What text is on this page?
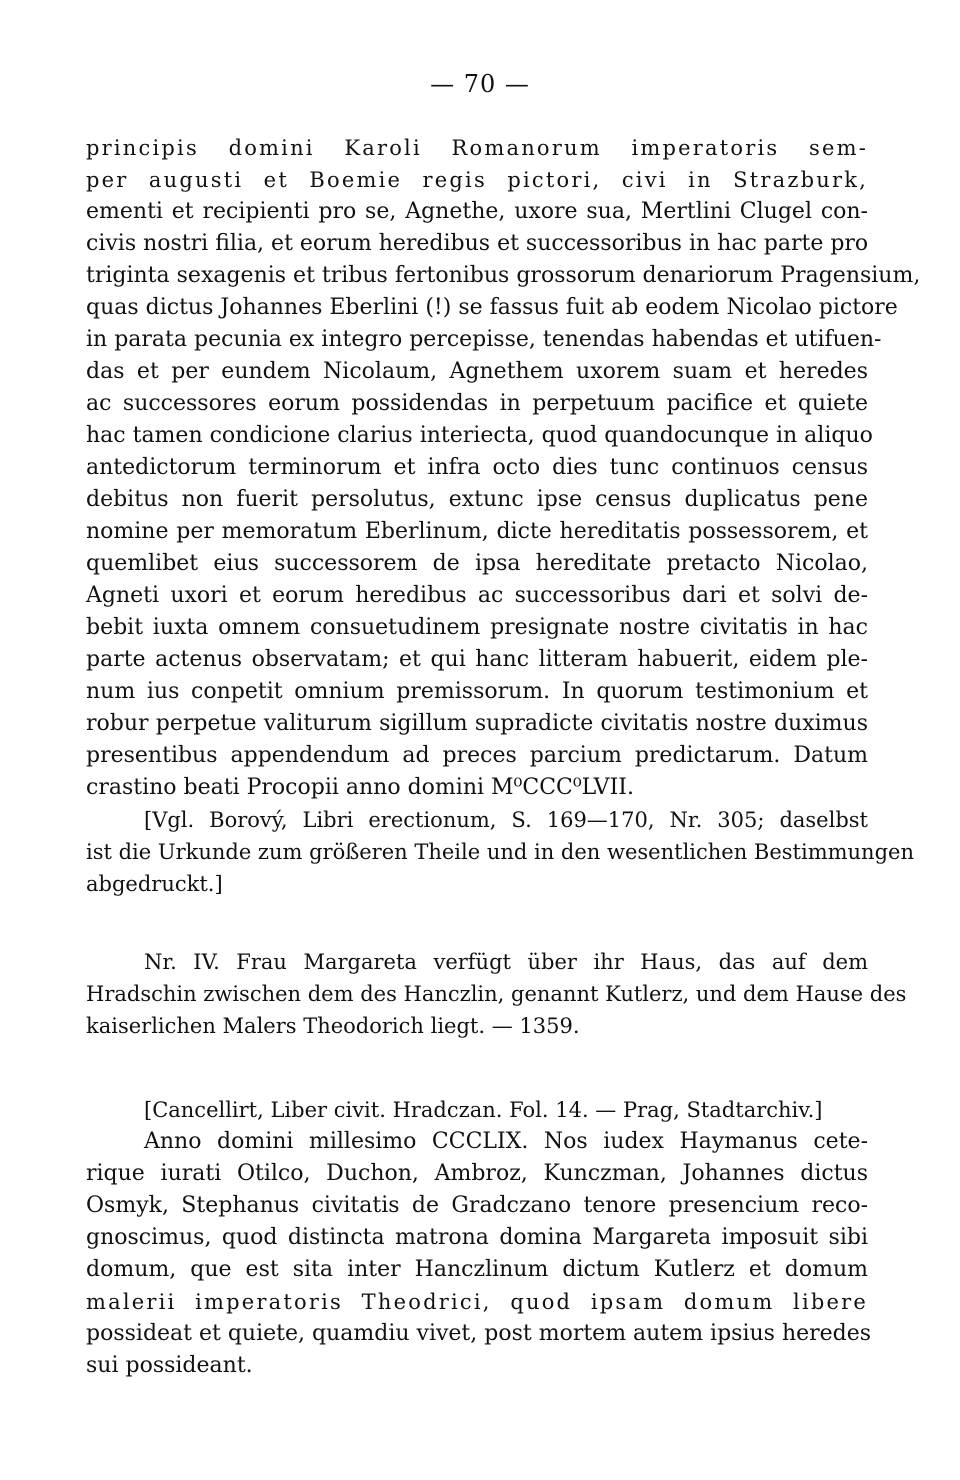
— 70 —
principis domini Karoli Romanorum imperatoris sem-
per augusti et Boemie regis pictori, civi in Strazburk,
ementi et recipienti pro se, Agnethe, uxore sua, Mertlini Clugel con-
civis nostri filia, et eorum heredibus et successoribus in hac parte pro
triginta sexagenis et tribus fertonibus grossorum denariorum Pragensium,
quas dictus Johannes Eberlini (!) se fassus fuit ab eodem Nicolao pictore
in parata pecunia ex integro percepisse, tenendas habendas et utifuen-
das et per eundem Nicolaum, Agnethem uxorem suam et heredes
ac successores eorum possidendas in perpetuum pacifice et quiete
hac tamen condicione clarius interiecta, quod quandocunque in aliquo
antedictorum terminorum et infra octo dies tunc continuos census
debitus non fuerit persolutus, extunc ipse census duplicatus pene
nomine per memoratum Eberlinum, dicte hereditatis possessorem, et
quemlibet eius successorem de ipsa hereditate pretacto Nicolao,
Agneti uxori et eorum heredibus ac successoribus dari et solvi de-
bebit iuxta omnem consuetudinem presignate nostre civitatis in hac
parte actenus observatam; et qui hanc litteram habuerit, eidem ple-
num ius conpetit omnium premissorum. In quorum testimonium et
robur perpetue valiturum sigillum supradicte civitatis nostre duximus
presentibus appendendum ad preces parcium predictarum. Datum
crastino beati Procopii anno domini M⁰CCC⁰LVII.
[Vgl. Borový, Libri erectionum, S. 169—170, Nr. 305; daselbst
ist die Urkunde zum größeren Theile und in den wesentlichen Bestimmungen
abgedruckt.]
Nr. IV. Frau Margareta verfügt über ihr Haus, das auf dem
Hradschin zwischen dem des Hanczlin, genannt Kutlerz, und dem Hause des
kaiserlichen Malers Theodorich liegt. — 1359.
[Cancellirt, Liber civit. Hradczan. Fol. 14. — Prag, Stadtarchiv.]
Anno domini millesimo CCCLIX. Nos iudex Haymanus cete-
rique iurati Otilco, Duchon, Ambroz, Kunczman, Johannes dictus
Osmyk, Stephanus civitatis de Gradczano tenore presencium reco-
gnoscimus, quod distincta matrona domina Margareta imposuit sibi
domum, que est sita inter Hanczlinum dictum Kutlerz et domum
malerii imperatoris Theodrici, quod ipsam domum libere
possideat et quiete, quamdiu vivet, post mortem autem ipsius heredes
sui possideant.
